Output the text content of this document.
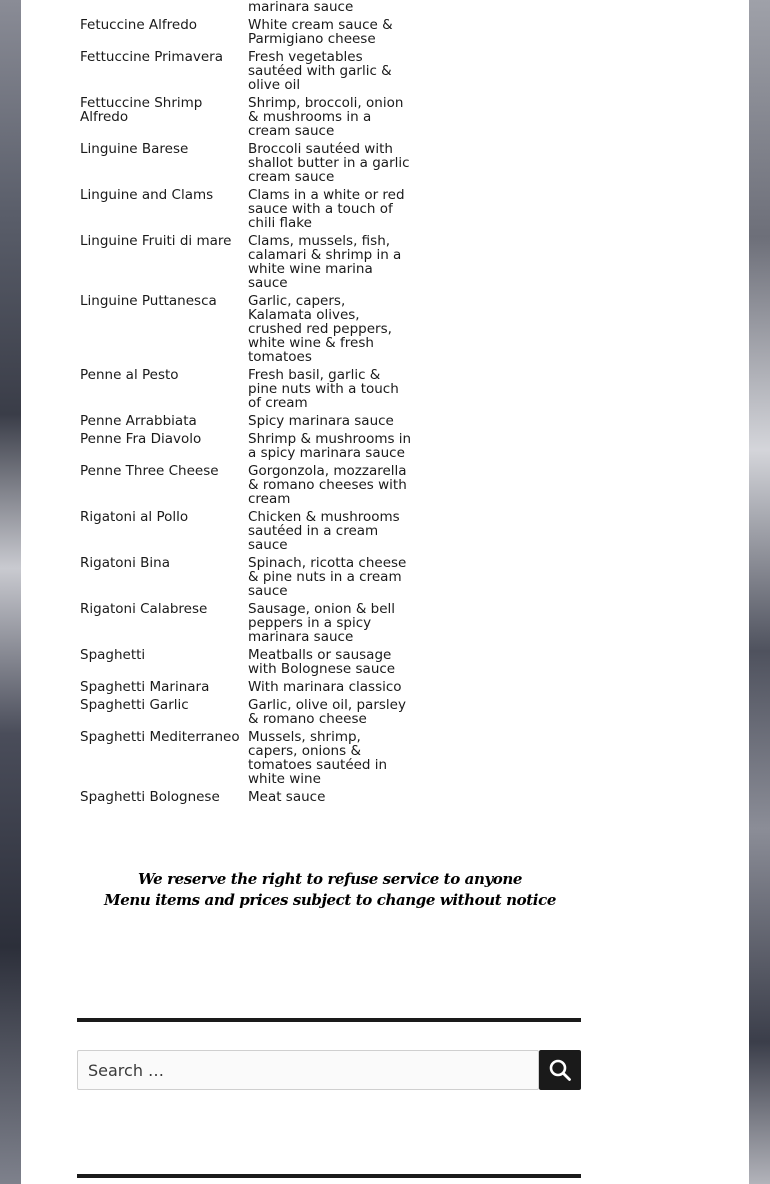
	marinara sauce
Fetuccine Alfredo	White cream sauce & Parmigiano cheese
Fettuccine Primavera	Fresh vegetables sautéed with garlic & olive oil
Fettuccine Shrimp Alfredo	Shrimp, broccoli, onion & mushrooms in a cream sauce
Linguine Barese	Broccoli sautéed with shallot butter in a garlic cream sauce
Linguine and Clams	Clams in a white or red sauce with a touch of chili flake
Linguine Fruiti di mare	Clams, mussels, fish, calamari & shrimp in a white wine marina sauce
Linguine Puttanesca	Garlic, capers, Kalamata olives, crushed red peppers, white wine & fresh tomatoes
Penne al Pesto	Fresh basil, garlic & pine nuts with a touch of cream
Penne Arrabbiata	Spicy marinara sauce
Penne Fra Diavolo	Shrimp & mushrooms in a spicy marinara sauce
Penne Three Cheese	Gorgonzola, mozzarella & romano cheeses with cream
Rigatoni al Pollo	Chicken & mushrooms sautéed in a cream sauce
Rigatoni Bina	Spinach, ricotta cheese & pine nuts in a cream sauce
Rigatoni Calabrese	Sausage, onion & bell peppers in a spicy marinara sauce
Spaghetti	Meatballs or sausage with Bolognese sauce
Spaghetti Marinara	With marinara classico
Spaghetti Garlic	Garlic, olive oil, parsley & romano cheese
Spaghetti Mediterraneo	Mussels, shrimp, capers, onions & tomatoes sautéed in white wine
Spaghetti Bolognese	Meat sauce
We reserve the right to refuse service to anyone
Menu items and prices subject to change without notice
Search …
